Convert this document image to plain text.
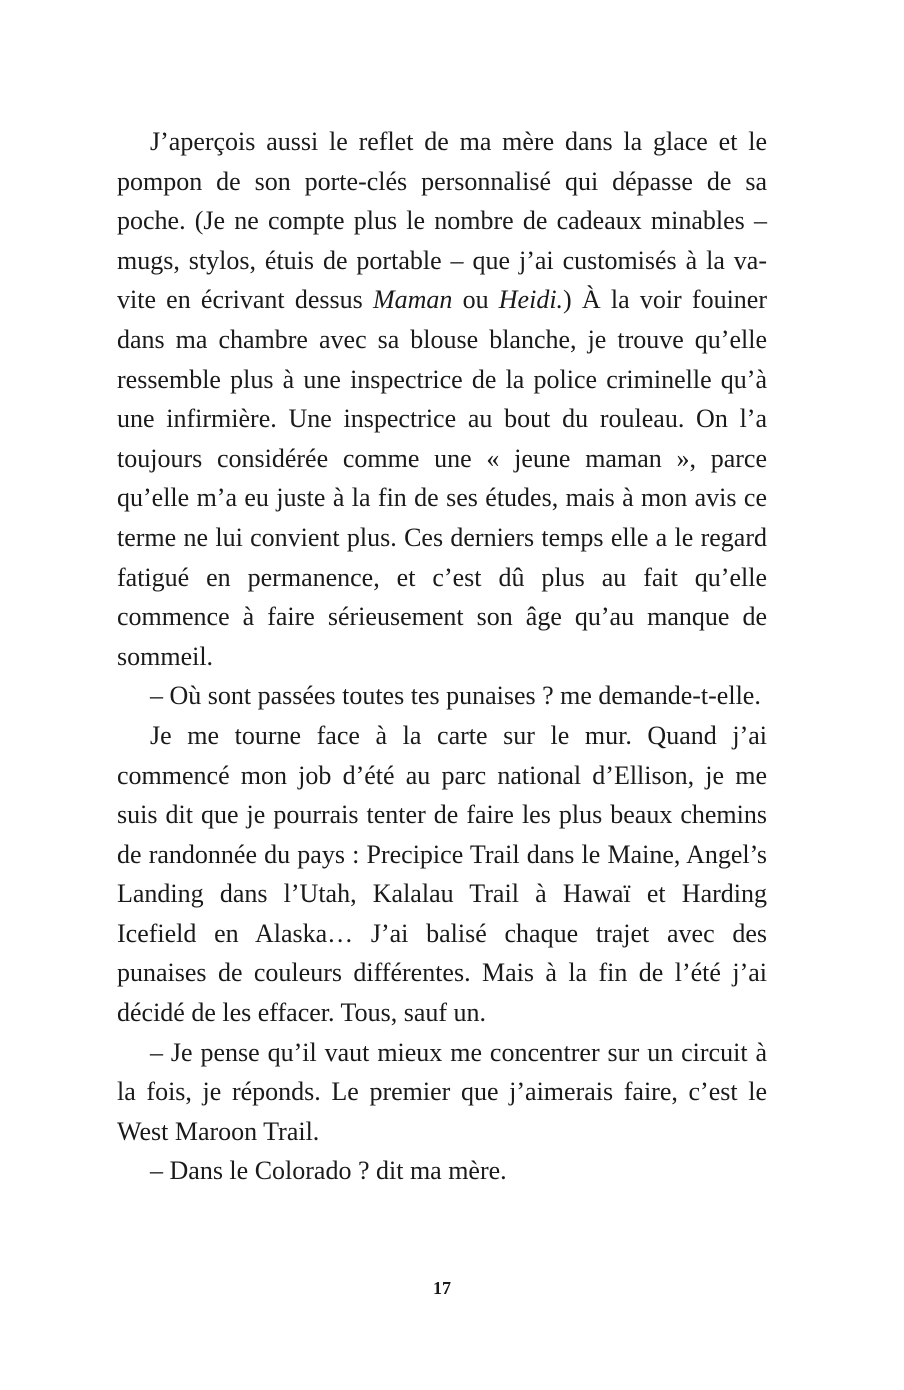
J’aperçois aussi le reflet de ma mère dans la glace et le pompon de son porte-clés personnalisé qui dépasse de sa poche. (Je ne compte plus le nombre de cadeaux minables – mugs, stylos, étuis de portable – que j’ai customisés à la va-vite en écrivant dessus Maman ou Heidi.) À la voir fouiner dans ma chambre avec sa blouse blanche, je trouve qu’elle ressemble plus à une inspectrice de la police criminelle qu’à une infirmière. Une inspectrice au bout du rouleau. On l’a toujours considérée comme une « jeune maman », parce qu’elle m’a eu juste à la fin de ses études, mais à mon avis ce terme ne lui convient plus. Ces derniers temps elle a le regard fatigué en permanence, et c’est dû plus au fait qu’elle commence à faire sérieusement son âge qu’au manque de sommeil.

– Où sont passées toutes tes punaises ? me demande-t-elle.

Je me tourne face à la carte sur le mur. Quand j’ai commencé mon job d’été au parc national d’Ellison, je me suis dit que je pourrais tenter de faire les plus beaux chemins de randonnée du pays : Precipice Trail dans le Maine, Angel’s Landing dans l’Utah, Kalalau Trail à Hawaï et Harding Icefield en Alaska… J’ai balisé chaque trajet avec des punaises de couleurs différentes. Mais à la fin de l’été j’ai décidé de les effacer. Tous, sauf un.

– Je pense qu’il vaut mieux me concentrer sur un circuit à la fois, je réponds. Le premier que j’aimerais faire, c’est le West Maroon Trail.

– Dans le Colorado ? dit ma mère.

17
